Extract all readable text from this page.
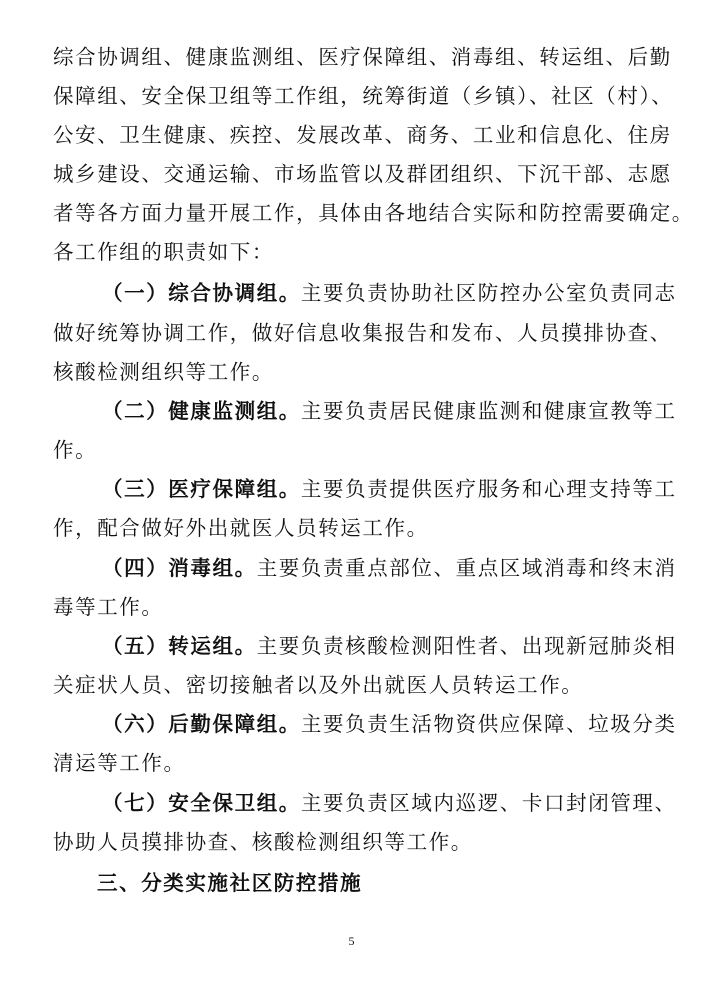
综合协调组、健康监测组、医疗保障组、消毒组、转运组、后勤
保障组、安全保卫组等工作组，统筹街道（乡镇）、社区（村）、
公安、卫生健康、疾控、发展改革、商务、工业和信息化、住房
城乡建设、交通运输、市场监管以及群团组织、下沉干部、志愿
者等各方面力量开展工作，具体由各地结合实际和防控需要确定。
各工作组的职责如下：
（一）综合协调组。主要负责协助社区防控办公室负责同志
做好统筹协调工作，做好信息收集报告和发布、人员摸排协查、
核酸检测组织等工作。
（二）健康监测组。主要负责居民健康监测和健康宣教等工
作。
（三）医疗保障组。主要负责提供医疗服务和心理支持等工
作，配合做好外出就医人员转运工作。
（四）消毒组。主要负责重点部位、重点区域消毒和终末消
毒等工作。
（五）转运组。主要负责核酸检测阳性者、出现新冠肺炎相
关症状人员、密切接触者以及外出就医人员转运工作。
（六）后勤保障组。主要负责生活物资供应保障、垃圾分类
清运等工作。
（七）安全保卫组。主要负责区域内巡逻、卡口封闭管理、
协助人员摸排协查、核酸检测组织等工作。
三、分类实施社区防控措施
5
